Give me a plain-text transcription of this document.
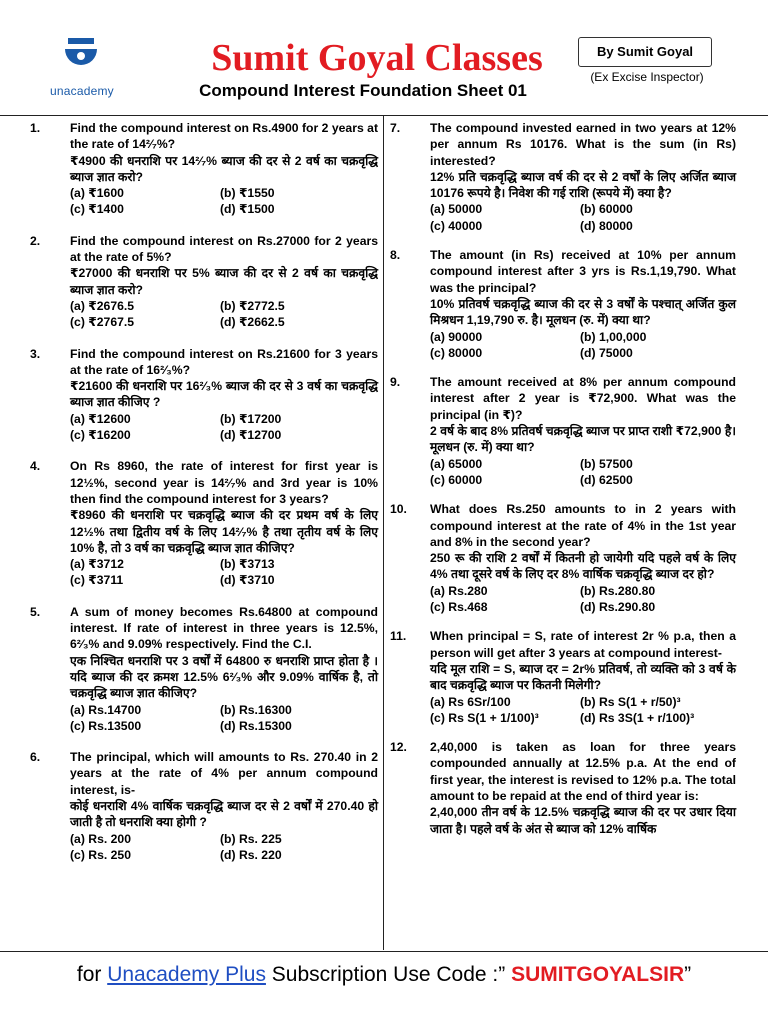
unacademy
Sumit Goyal Classes	By Sumit Goyal
(Ex Excise Inspector)
Compound Interest Foundation Sheet 01
1.	Find the compound interest on Rs.4900 for 2 years at the rate of 14²⁄₇%?
₹4900 की धनराशि पर 14²⁄₇% ब्याज की दर से 2 वर्ष का चक्रवृद्धि ब्याज ज्ञात करो?
(a) ₹1600	(b) ₹1550
(c) ₹1400	(d) ₹1500
2.	Find the compound interest on Rs.27000 for 2 years at the rate of 5%?
₹27000 की धनराशि पर 5% ब्याज की दर से 2 वर्ष का चक्रवृद्धि ब्याज ज्ञात करो?
(a) ₹2676.5	(b) ₹2772.5
(c) ₹2767.5	(d) ₹2662.5
3.	Find the compound interest on Rs.21600 for 3 years at the rate of 16²⁄₃%?
₹21600 की धनराशि पर 16²⁄₃% ब्याज की दर से 3 वर्ष का चक्रवृद्धि ब्याज ज्ञात कीजिए ?
(a) ₹12600	(b) ₹17200
(c) ₹16200	(d) ₹12700
4.	On Rs 8960, the rate of interest for first year is 12½%, second year is 14²⁄₇% and 3rd year is 10% then find the compound interest for 3 years?
₹8960 की धनराशि पर चक्रवृद्धि ब्याज की दर प्रथम वर्ष के लिए 12½% तथा द्वितीय वर्ष के लिए 14²⁄₇% है तथा तृतीय वर्ष के लिए 10% है, तो 3 वर्ष का चक्रवृद्धि ब्याज ज्ञात कीजिए?
(a) ₹3712	(b) ₹3713
(c) ₹3711	(d) ₹3710
5.	A sum of money becomes Rs.64800 at compound interest. If rate of interest in three years is 12.5%, 6²⁄₃% and 9.09% respectively. Find the C.I.
एक निश्चित धनराशि पर 3 वर्षों में 64800 रु धनराशि प्राप्त होता है । यदि ब्याज की दर क्रमश 12.5% 6²⁄₃% और 9.09% वार्षिक है, तो चक्रवृद्धि ब्याज ज्ञात कीजिए?
(a) Rs.14700	(b) Rs.16300
(c) Rs.13500	(d) Rs.15300
6.	The principal, which will amounts to Rs. 270.40 in 2 years at the rate of 4% per annum compound interest, is-
कोई धनराशि 4% वार्षिक चक्रवृद्धि ब्याज दर से 2 वर्षों में 270.40 हो जाती है तो धनराशि क्या होगी ?
(a) Rs. 200	(b) Rs. 225
(c) Rs. 250	(d) Rs. 220
7.	The compound invested earned in two years at 12% per annum Rs 10176. What is the sum (in Rs) interested?
12% प्रति चक्रवृद्धि ब्याज वर्ष की दर से 2 वर्षों के लिए अर्जित ब्याज 10176 रूपये है। निवेश की गई राशि (रूपये में) क्या है?
(a) 50000	(b) 60000
(c) 40000	(d) 80000
8.	The amount (in Rs) received at 10% per annum compound interest after 3 yrs is Rs.1,19,790. What was the principal?
10% प्रतिवर्ष चक्रवृद्धि ब्याज की दर से 3 वर्षों के पश्चात् अर्जित कुल मिश्रधन 1,19,790 रु. है। मूलधन (रु. में) क्या था?
(a) 90000	(b) 1,00,000
(c) 80000	(d) 75000
9.	The amount received at 8% per annum compound interest after 2 year is ₹72,900. What was the principal (in ₹)?
2 वर्ष के बाद 8% प्रतिवर्ष चक्रवृद्धि ब्याज पर प्राप्त राशी ₹72,900 है। मूलधन (रु. में) क्या था?
(a) 65000	(b) 57500
(c) 60000	(d) 62500
10.	What does Rs.250 amounts to in 2 years with compound interest at the rate of 4% in the 1st year and 8% in the second year?
250 रू की राशि 2 वर्षों में कितनी हो जायेगी यदि पहले वर्ष के लिए 4% तथा दूसरे वर्ष के लिए दर 8% वार्षिक चक्रवृद्धि ब्याज दर हो?
(a) Rs.280	(b) Rs.280.80
(c) Rs.468	(d) Rs.290.80
11.	When principal = S, rate of interest 2r % p.a, then a person will get after 3 years at compound interest-
यदि मूल राशि = S, ब्याज दर = 2r% प्रतिवर्ष, तो व्यक्ति को 3 वर्ष के बाद चक्रवृद्धि ब्याज पर कितनी मिलेगी?
(a) Rs 6Sr/100	(b) Rs S(1 + r/50)³
(c) Rs S(1 + 1/100)³	(d) Rs 3S(1 + r/100)³
12.	2,40,000 is taken as loan for three years compounded annually at 12.5% p.a. At the end of first year, the interest is revised to 12% p.a. The total amount to be repaid at the end of third year is:
2,40,000 तीन वर्ष के 12.5% चक्रवृद्धि ब्याज की दर पर उधार दिया जाता है। पहले वर्ष के अंत से ब्याज को 12% वार्षिक
for Unacademy Plus Subscription Use Code :” SUMITGOYALSIR”
